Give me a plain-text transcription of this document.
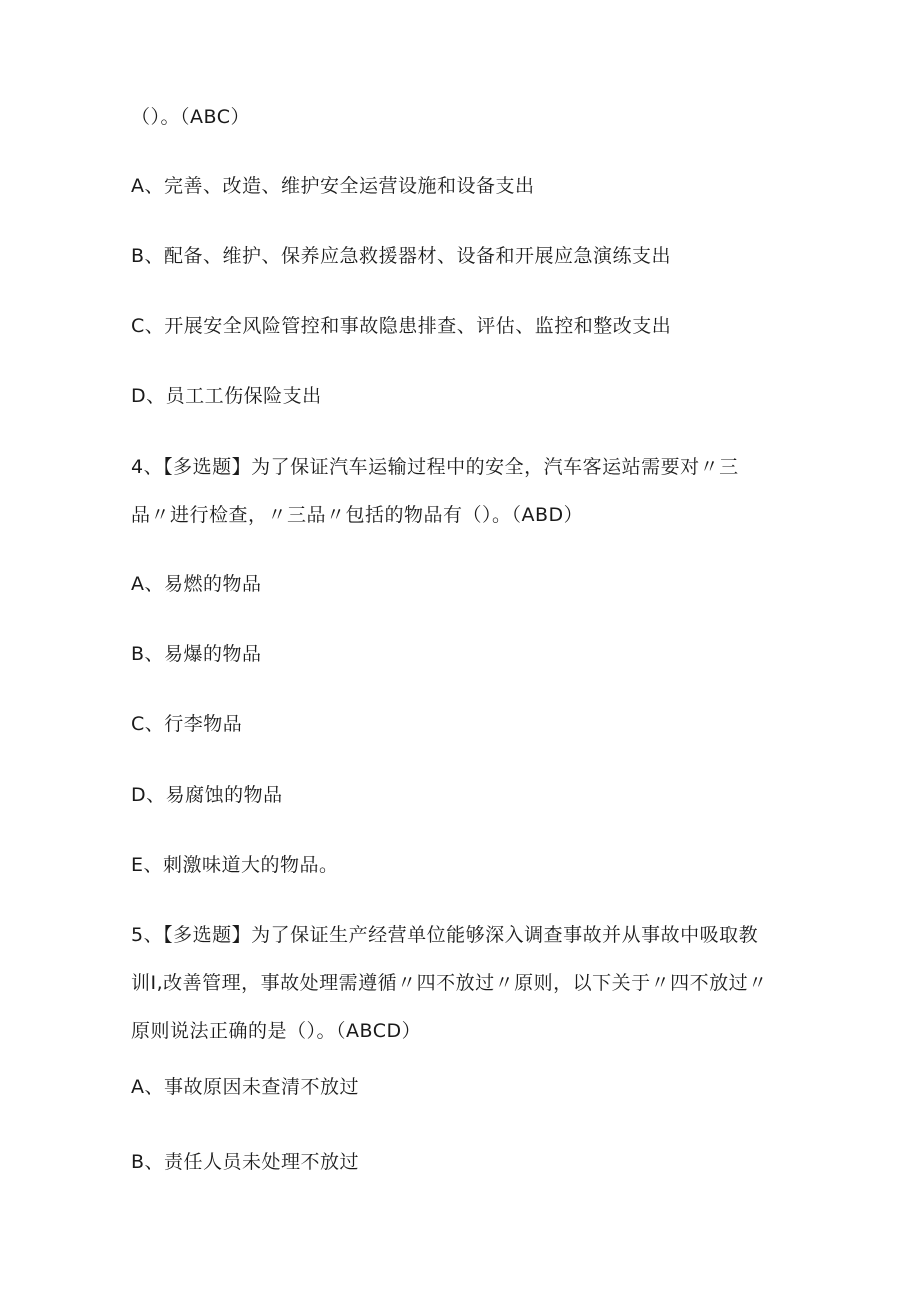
（）。（ABC）
A、完善、改造、维护安全运营设施和设备支出
B、配备、维护、保养应急救援器材、设备和开展应急演练支出
C、开展安全风险管控和事故隐患排查、评估、监控和整改支出
D、员工工伤保险支出
4、【多选题】为了保证汽车运输过程中的安全，汽车客运站需要对〃三
品〃进行检查，〃三品〃包括的物品有（）。（ABD）
A、易燃的物品
B、易爆的物品
C、行李物品
D、易腐蚀的物品
E、刺激味道大的物品。
5、【多选题】为了保证生产经营单位能够深入调查事故并从事故中吸取教
训Ⅰ,改善管理，事故处理需遵循〃四不放过〃原则，以下关于〃四不放过〃
原则说法正确的是（）。（ABCD）
A、事故原因未查清不放过
B、责任人员未处理不放过
